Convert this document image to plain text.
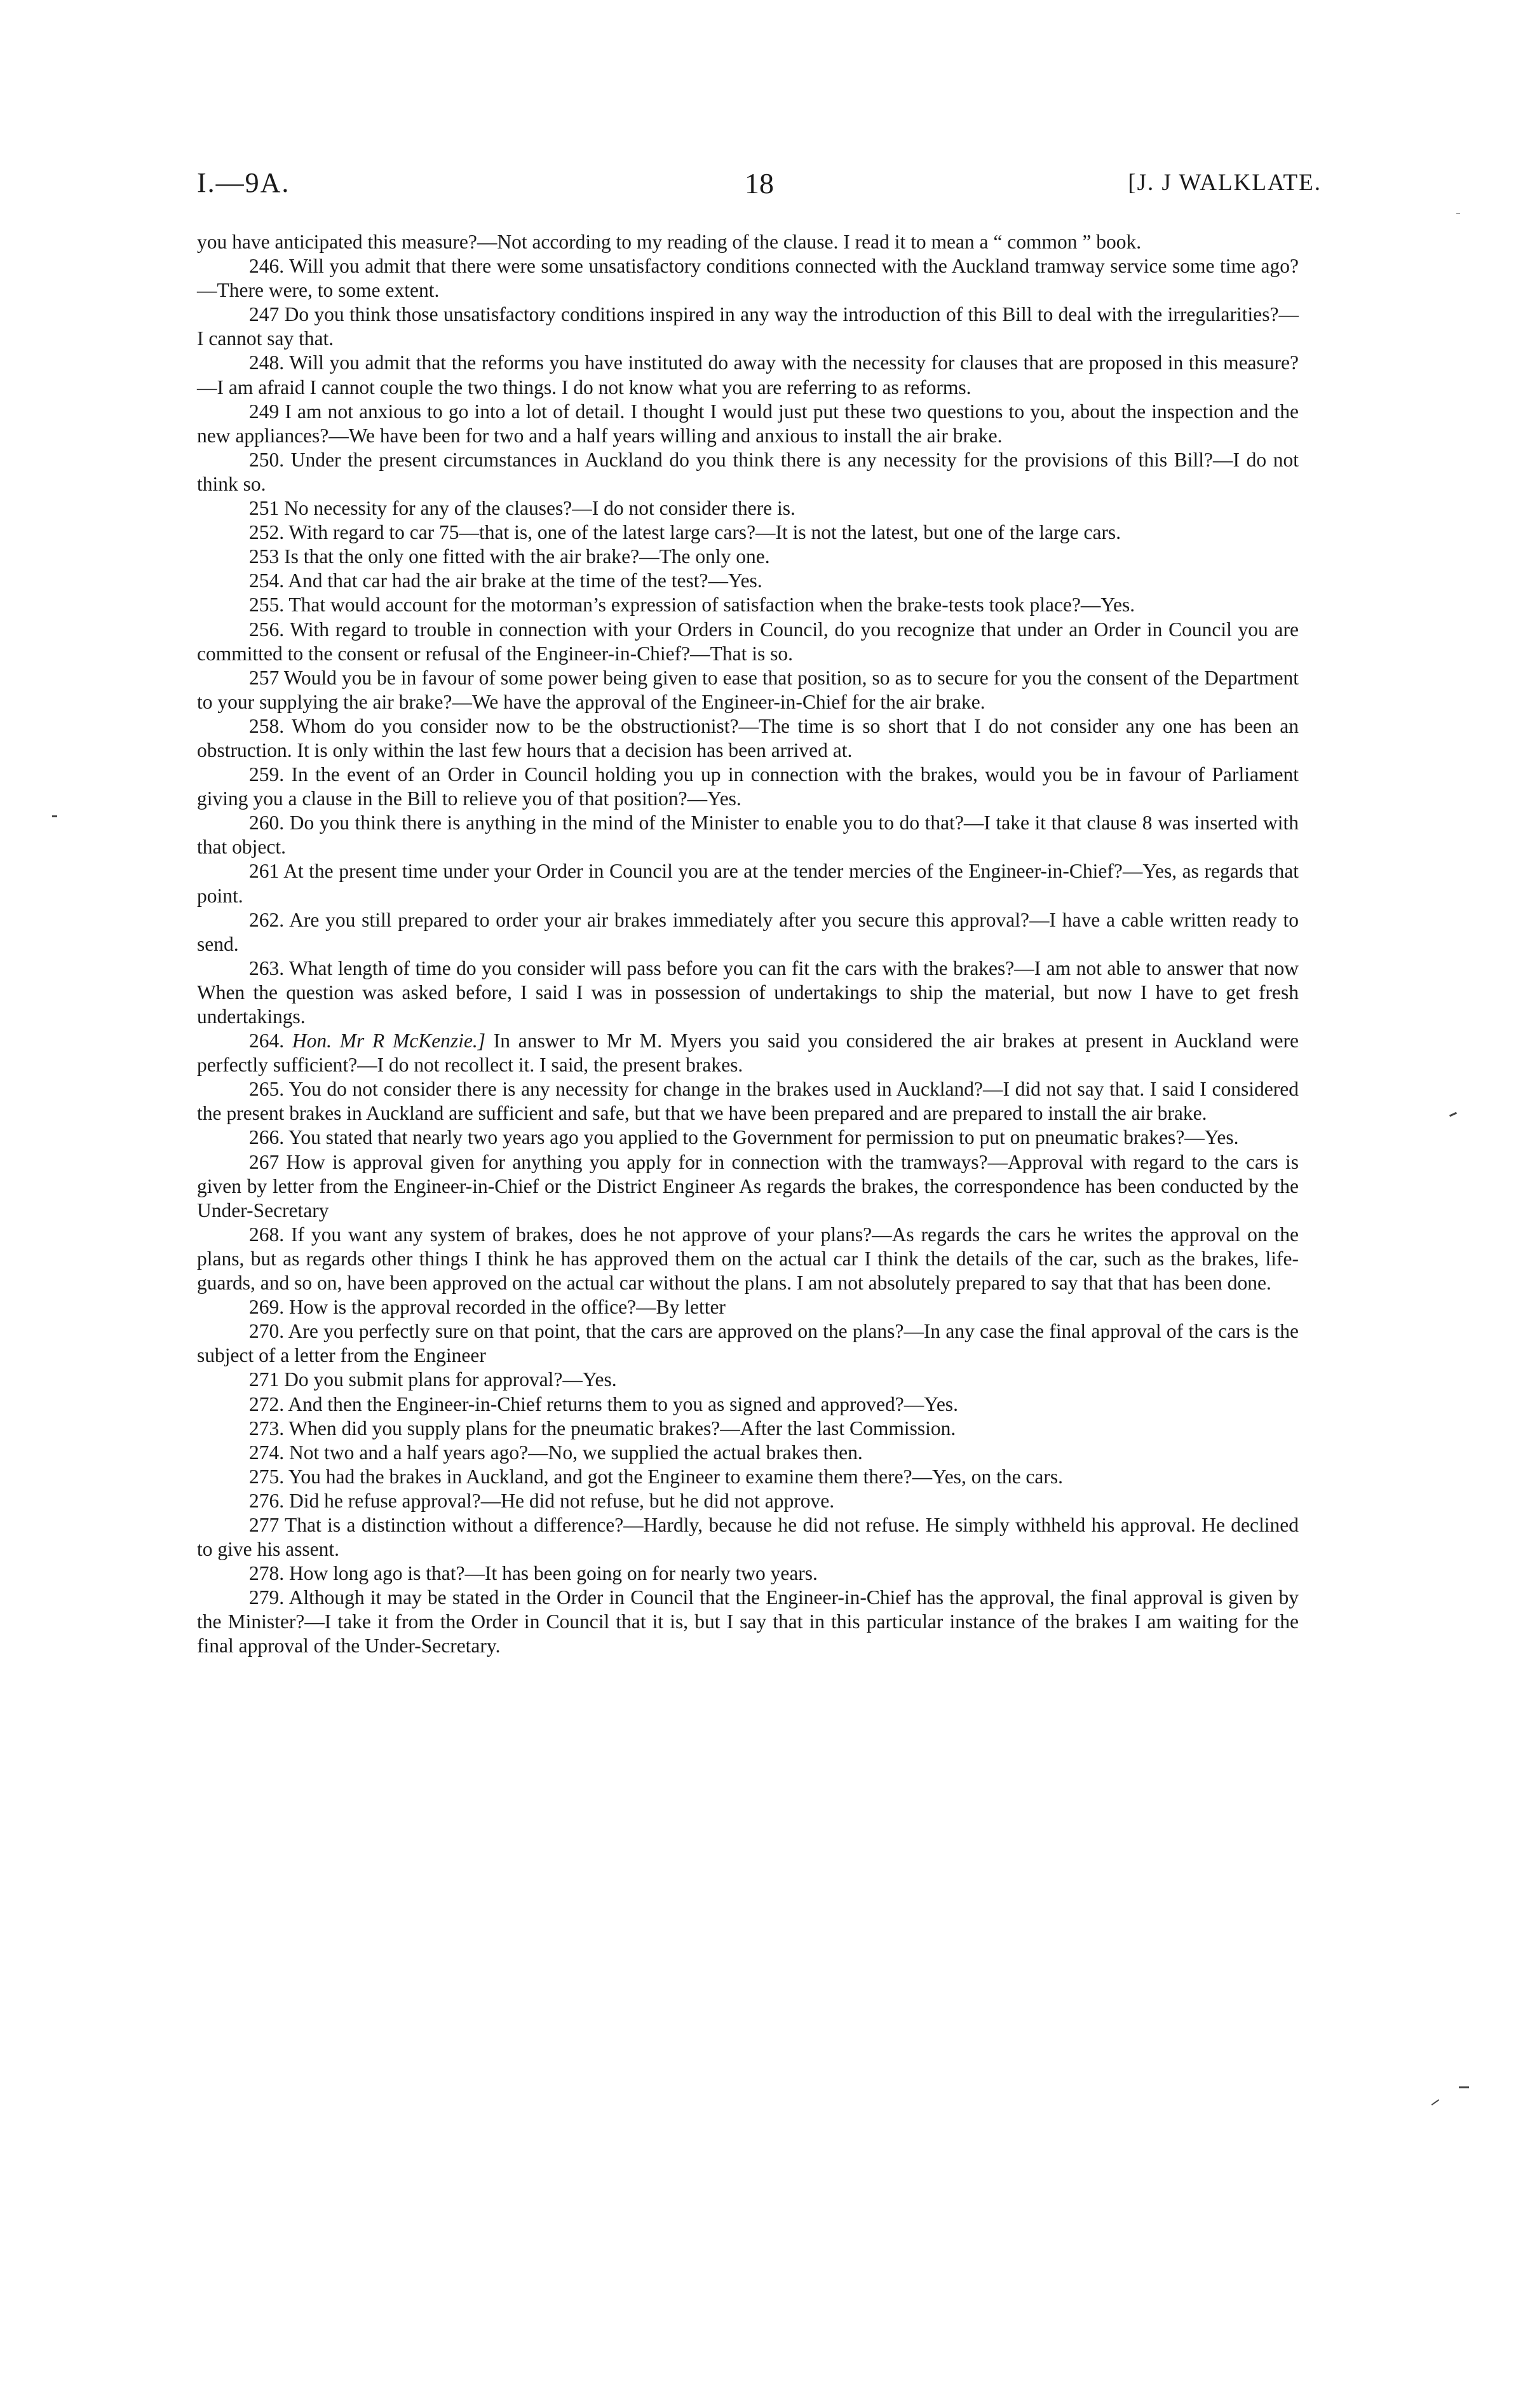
I.—9A.	18	[J. J WALKLATE.

you have anticipated this measure?—Not according to my reading of the clause. I read it to mean a “ common ” book.

246. Will you admit that there were some unsatisfactory conditions connected with the Auckland tramway service some time ago?—There were, to some extent.

247 Do you think those unsatisfactory conditions inspired in any way the introduction of this Bill to deal with the irregularities?—I cannot say that.

248. Will you admit that the reforms you have instituted do away with the necessity for clauses that are proposed in this measure?—I am afraid I cannot couple the two things. I do not know what you are referring to as reforms.

249 I am not anxious to go into a lot of detail. I thought I would just put these two questions to you, about the inspection and the new appliances?—We have been for two and a half years willing and anxious to install the air brake.

250. Under the present circumstances in Auckland do you think there is any necessity for the provisions of this Bill?—I do not think so.

251 No necessity for any of the clauses?—I do not consider there is.

252. With regard to car 75—that is, one of the latest large cars?—It is not the latest, but one of the large cars.

253 Is that the only one fitted with the air brake?—The only one.

254. And that car had the air brake at the time of the test?—Yes.

255. That would account for the motorman’s expression of satisfaction when the brake-tests took place?—Yes.

256. With regard to trouble in connection with your Orders in Council, do you recognize that under an Order in Council you are committed to the consent or refusal of the Engineer-in-Chief?—That is so.

257 Would you be in favour of some power being given to ease that position, so as to secure for you the consent of the Department to your supplying the air brake?—We have the approval of the Engineer-in-Chief for the air brake.

258. Whom do you consider now to be the obstructionist?—The time is so short that I do not consider any one has been an obstruction. It is only within the last few hours that a decision has been arrived at.

259. In the event of an Order in Council holding you up in connection with the brakes, would you be in favour of Parliament giving you a clause in the Bill to relieve you of that position?—Yes.

260. Do you think there is anything in the mind of the Minister to enable you to do that?—I take it that clause 8 was inserted with that object.

261 At the present time under your Order in Council you are at the tender mercies of the Engineer-in-Chief?—Yes, as regards that point.

262. Are you still prepared to order your air brakes immediately after you secure this approval?—I have a cable written ready to send.

263. What length of time do you consider will pass before you can fit the cars with the brakes?—I am not able to answer that now When the question was asked before, I said I was in possession of undertakings to ship the material, but now I have to get fresh undertakings.

264. Hon. Mr R McKenzie.] In answer to Mr M. Myers you said you considered the air brakes at present in Auckland were perfectly sufficient?—I do not recollect it. I said, the present brakes.

265. You do not consider there is any necessity for change in the brakes used in Auckland?—I did not say that. I said I considered the present brakes in Auckland are sufficient and safe, but that we have been prepared and are prepared to install the air brake.

266. You stated that nearly two years ago you applied to the Government for permission to put on pneumatic brakes?—Yes.

267 How is approval given for anything you apply for in connection with the tramways?—Approval with regard to the cars is given by letter from the Engineer-in-Chief or the District Engineer As regards the brakes, the correspondence has been conducted by the Under-Secretary

268. If you want any system of brakes, does he not approve of your plans?—As regards the cars he writes the approval on the plans, but as regards other things I think he has approved them on the actual car I think the details of the car, such as the brakes, life-guards, and so on, have been approved on the actual car without the plans. I am not absolutely prepared to say that that has been done.

269. How is the approval recorded in the office?—By letter

270. Are you perfectly sure on that point, that the cars are approved on the plans?—In any case the final approval of the cars is the subject of a letter from the Engineer

271 Do you submit plans for approval?—Yes.

272. And then the Engineer-in-Chief returns them to you as signed and approved?—Yes.

273. When did you supply plans for the pneumatic brakes?—After the last Commission.

274. Not two and a half years ago?—No, we supplied the actual brakes then.

275. You had the brakes in Auckland, and got the Engineer to examine them there?—Yes, on the cars.

276. Did he refuse approval?—He did not refuse, but he did not approve.

277 That is a distinction without a difference?—Hardly, because he did not refuse. He simply withheld his approval. He declined to give his assent.

278. How long ago is that?—It has been going on for nearly two years.

279. Although it may be stated in the Order in Council that the Engineer-in-Chief has the approval, the final approval is given by the Minister?—I take it from the Order in Council that it is, but I say that in this particular instance of the brakes I am waiting for the final approval of the Under-Secretary.
